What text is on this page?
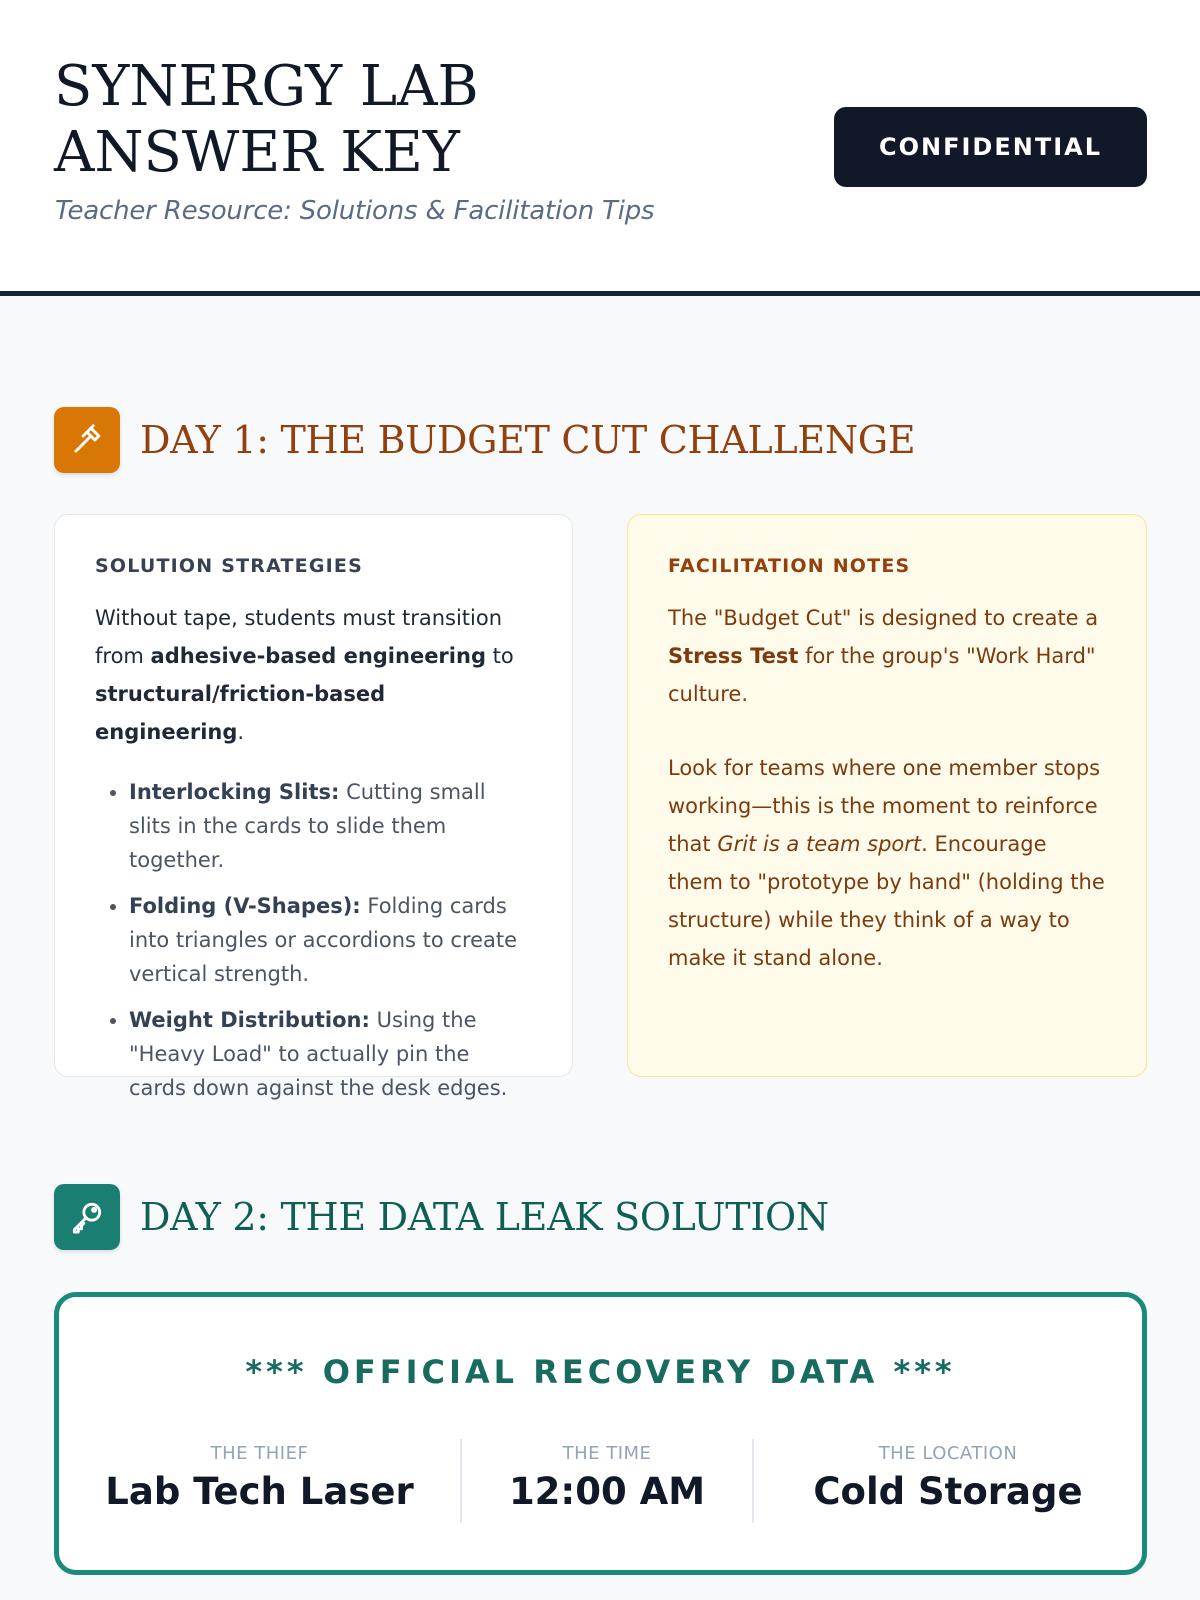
SYNERGY LAB ANSWER KEY
Teacher Resource: Solutions & Facilitation Tips
CONFIDENTIAL
DAY 1: THE BUDGET CUT CHALLENGE
SOLUTION STRATEGIES

Without tape, students must transition from adhesive-based engineering to structural/friction-based engineering.

• Interlocking Slits: Cutting small slits in the cards to slide them together.
• Folding (V-Shapes): Folding cards into triangles or accordions to create vertical strength.
• Weight Distribution: Using the "Heavy Load" to actually pin the cards down against the desk edges.
FACILITATION NOTES

The "Budget Cut" is designed to create a Stress Test for the group's "Work Hard" culture.

Look for teams where one member stops working—this is the moment to reinforce that Grit is a team sport. Encourage them to "prototype by hand" (holding the structure) while they think of a way to make it stand alone.

DAY 2: THE DATA LEAK SOLUTION
*** OFFICIAL RECOVERY DATA ***
THE THIEF
Lab Tech Laser
THE TIME
12:00 AM
THE LOCATION
Cold Storage
